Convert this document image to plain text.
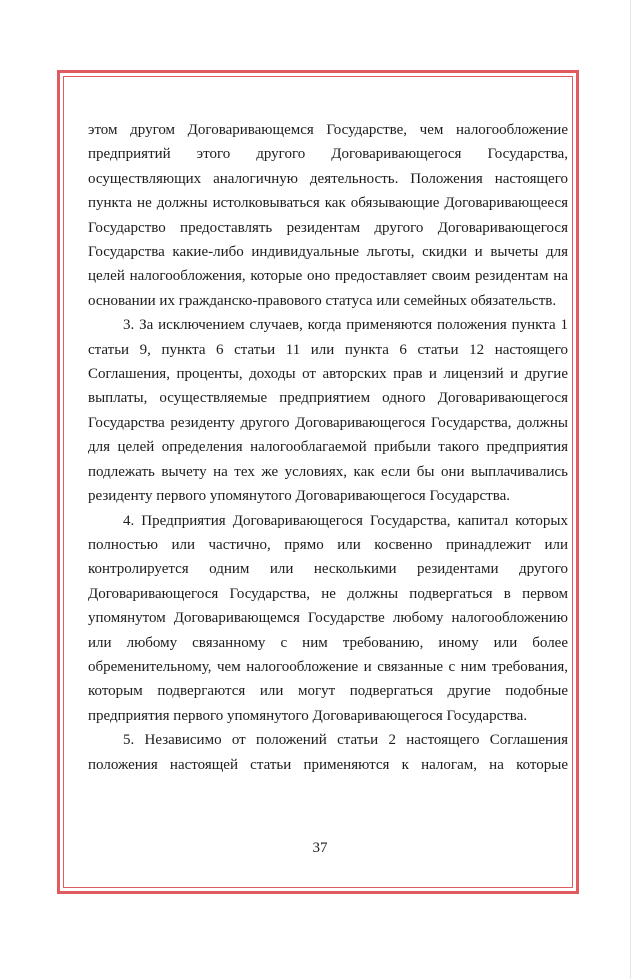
этом другом Договаривающемся Государстве, чем налогообложение предприятий этого другого Договаривающегося Государства, осуществляющих аналогичную деятельность. Положения настоящего пункта не должны истолковываться как обязывающие Договаривающееся Государство предоставлять резидентам другого Договаривающегося Государства какие-либо индивидуальные льготы, скидки и вычеты для целей налогообложения, которые оно предоставляет своим резидентам на основании их гражданско-правового статуса или семейных обязательств.

3. За исключением случаев, когда применяются положения пункта 1 статьи 9, пункта 6 статьи 11 или пункта 6 статьи 12 настоящего Соглашения, проценты, доходы от авторских прав и лицензий и другие выплаты, осуществляемые предприятием одного Договаривающегося Государства резиденту другого Договаривающегося Государства, должны для целей определения налогооблагаемой прибыли такого предприятия подлежать вычету на тех же условиях, как если бы они выплачивались резиденту первого упомянутого Договаривающегося Государства.

4. Предприятия Договаривающегося Государства, капитал которых полностью или частично, прямо или косвенно принадлежит или контролируется одним или несколькими резидентами другого Договаривающегося Государства, не должны подвергаться в первом упомянутом Договаривающемся Государстве любому налогообложению или любому связанному с ним требованию, иному или более обременительному, чем налогообложение и связанные с ним требования, которым подвергаются или могут подвергаться другие подобные предприятия первого упомянутого Договаривающегося Государства.

5. Независимо от положений статьи 2 настоящего Соглашения положения настоящей статьи применяются к налогам, на которые

37
